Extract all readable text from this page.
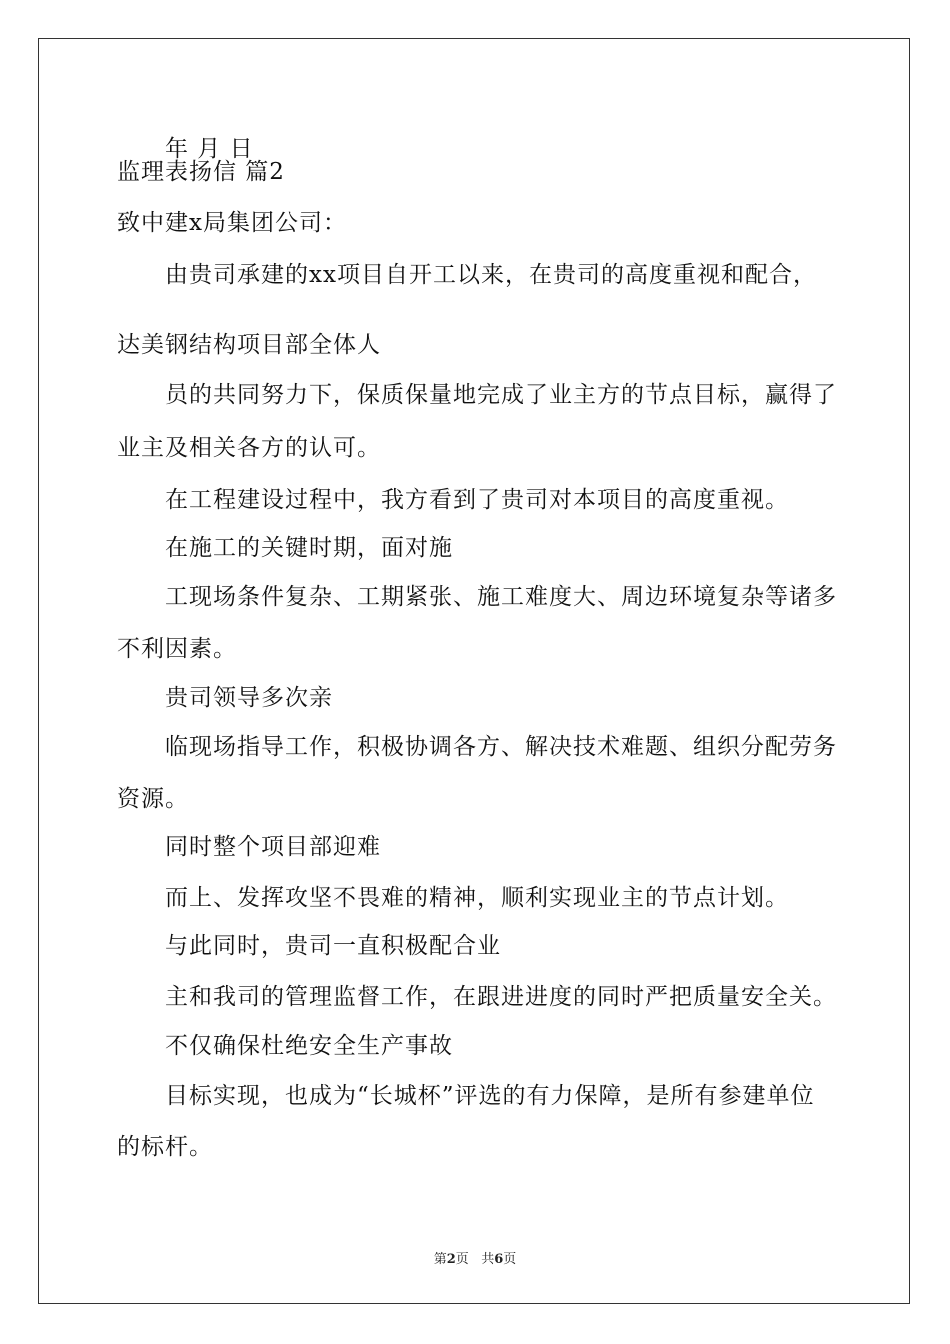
年 月 日
监理表扬信 篇2
致中建x局集团公司：
由贵司承建的xx项目自开工以来，在贵司的高度重视和配合，
达美钢结构项目部全体人
员的共同努力下，保质保量地完成了业主方的节点目标，赢得了
业主及相关各方的认可。
在工程建设过程中，我方看到了贵司对本项目的高度重视。
在施工的关键时期，面对施
工现场条件复杂、工期紧张、施工难度大、周边环境复杂等诸多
不利因素。
贵司领导多次亲
临现场指导工作，积极协调各方、解决技术难题、组织分配劳务
资源。
同时整个项目部迎难
而上、发挥攻坚不畏难的精神，顺利实现业主的节点计划。
与此同时，贵司一直积极配合业
主和我司的管理监督工作，在跟进进度的同时严把质量安全关。
不仅确保杜绝安全生产事故
目标实现，也成为“长城杯”评选的有力保障，是所有参建单位
的标杆。
第2页 共6页
